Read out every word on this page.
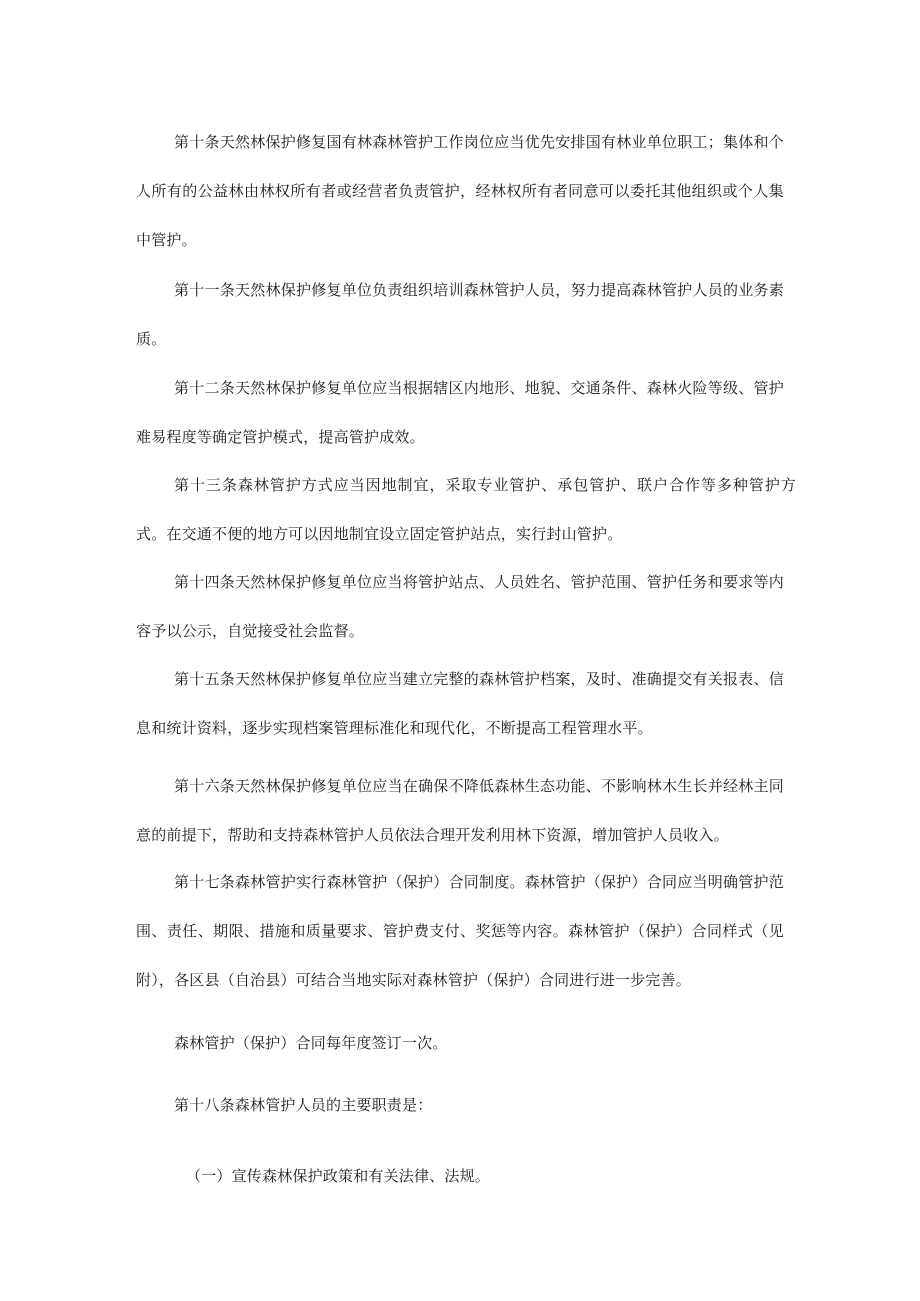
第十条天然林保护修复国有林森林管护工作岗位应当优先安排国有林业单位职工；集体和个人所有的公益林由林权所有者或经营者负责管护，经林权所有者同意可以委托其他组织或个人集中管护。

第十一条天然林保护修复单位负责组织培训森林管护人员，努力提高森林管护人员的业务素质。

第十二条天然林保护修复单位应当根据辖区内地形、地貌、交通条件、森林火险等级、管护难易程度等确定管护模式，提高管护成效。

第十三条森林管护方式应当因地制宜，采取专业管护、承包管护、联户合作等多种管护方式。在交通不便的地方可以因地制宜设立固定管护站点，实行封山管护。

第十四条天然林保护修复单位应当将管护站点、人员姓名、管护范围、管护任务和要求等内容予以公示，自觉接受社会监督。

第十五条天然林保护修复单位应当建立完整的森林管护档案，及时、准确提交有关报表、信息和统计资料，逐步实现档案管理标准化和现代化，不断提高工程管理水平。

第十六条天然林保护修复单位应当在确保不降低森林生态功能、不影响林木生长并经林主同意的前提下，帮助和支持森林管护人员依法合理开发利用林下资源，增加管护人员收入。

第十七条森林管护实行森林管护（保护）合同制度。森林管护（保护）合同应当明确管护范围、责任、期限、措施和质量要求、管护费支付、奖惩等内容。森林管护（保护）合同样式（见附），各区县（自治县）可结合当地实际对森林管护（保护）合同进行进一步完善。

森林管护（保护）合同每年度签订一次。

第十八条森林管护人员的主要职责是：

（一）宣传森林保护政策和有关法律、法规。
